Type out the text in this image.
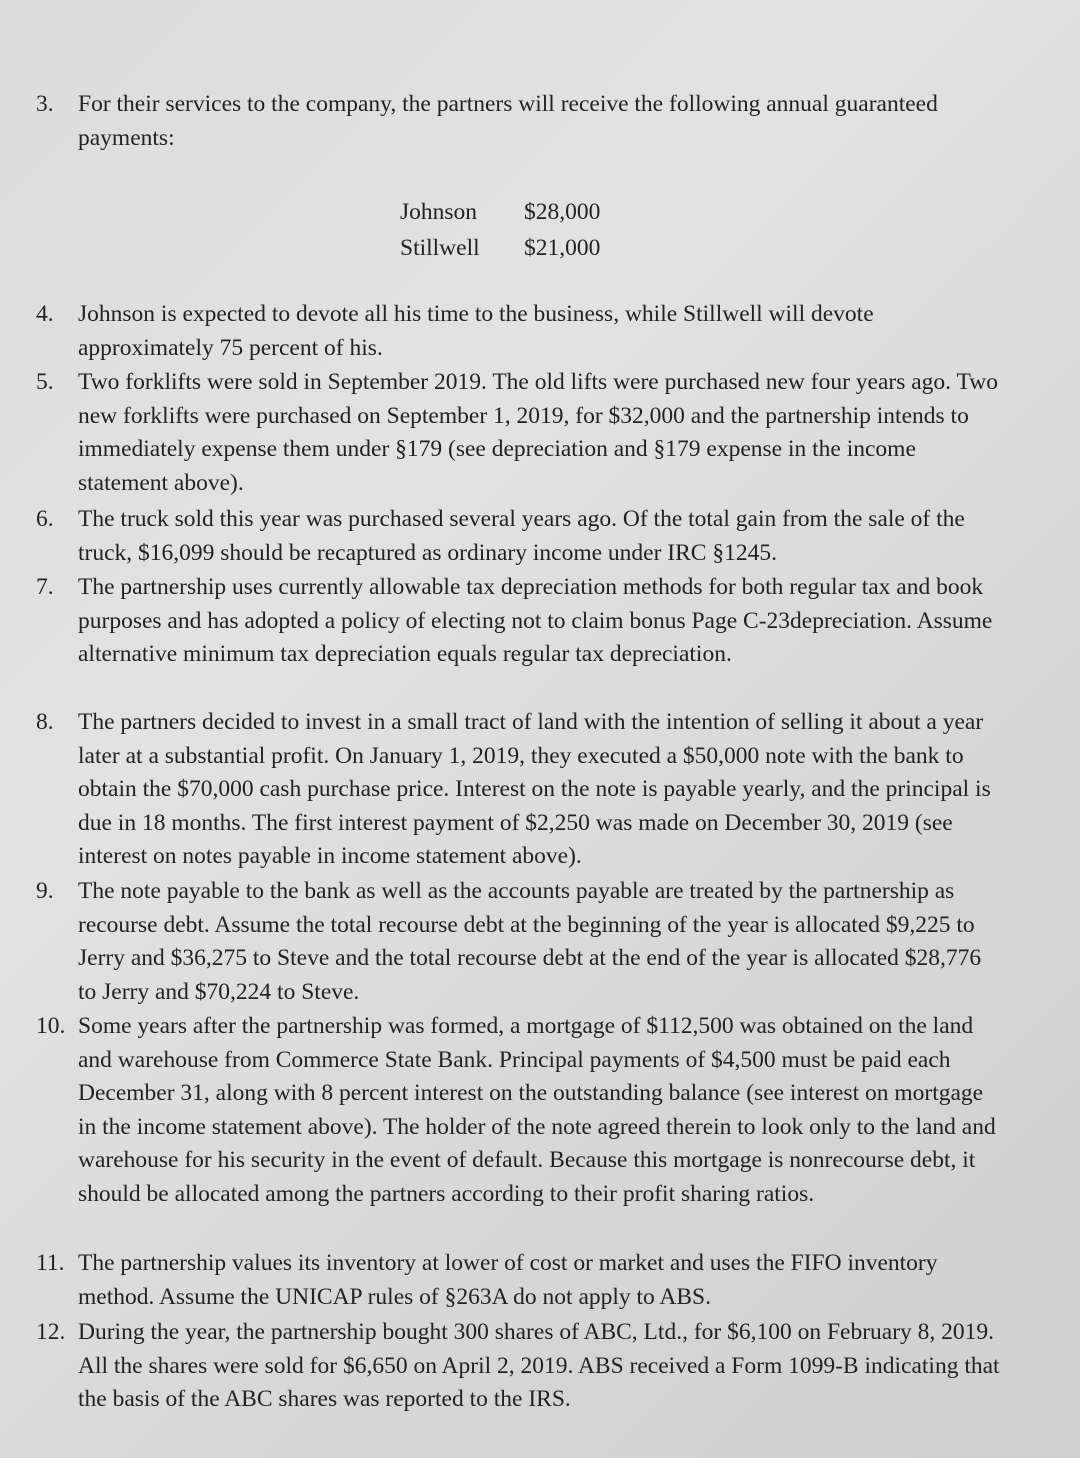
3.	For their services to the company, the partners will receive the following annual guaranteed payments:
Johnson	$28,000
Stillwell	$21,000
4.	Johnson is expected to devote all his time to the business, while Stillwell will devote approximately 75 percent of his.
5.	Two forklifts were sold in September 2019. The old lifts were purchased new four years ago. Two new forklifts were purchased on September 1, 2019, for $32,000 and the partnership intends to immediately expense them under §179 (see depreciation and §179 expense in the income statement above).
6.	The truck sold this year was purchased several years ago. Of the total gain from the sale of the truck, $16,099 should be recaptured as ordinary income under IRC §1245.
7.	The partnership uses currently allowable tax depreciation methods for both regular tax and book purposes and has adopted a policy of electing not to claim bonus Page C-23depreciation. Assume alternative minimum tax depreciation equals regular tax depreciation.
8.	The partners decided to invest in a small tract of land with the intention of selling it about a year later at a substantial profit. On January 1, 2019, they executed a $50,000 note with the bank to obtain the $70,000 cash purchase price. Interest on the note is payable yearly, and the principal is due in 18 months. The first interest payment of $2,250 was made on December 30, 2019 (see interest on notes payable in income statement above).
9.	The note payable to the bank as well as the accounts payable are treated by the partnership as recourse debt. Assume the total recourse debt at the beginning of the year is allocated $9,225 to Jerry and $36,275 to Steve and the total recourse debt at the end of the year is allocated $28,776 to Jerry and $70,224 to Steve.
10. Some years after the partnership was formed, a mortgage of $112,500 was obtained on the land and warehouse from Commerce State Bank. Principal payments of $4,500 must be paid each December 31, along with 8 percent interest on the outstanding balance (see interest on mortgage in the income statement above). The holder of the note agreed therein to look only to the land and warehouse for his security in the event of default. Because this mortgage is nonrecourse debt, it should be allocated among the partners according to their profit sharing ratios.
11. The partnership values its inventory at lower of cost or market and uses the FIFO inventory method. Assume the UNICAP rules of §263A do not apply to ABS.
12. During the year, the partnership bought 300 shares of ABC, Ltd., for $6,100 on February 8, 2019. All the shares were sold for $6,650 on April 2, 2019. ABS received a Form 1099-B indicating that the basis of the ABC shares was reported to the IRS.
